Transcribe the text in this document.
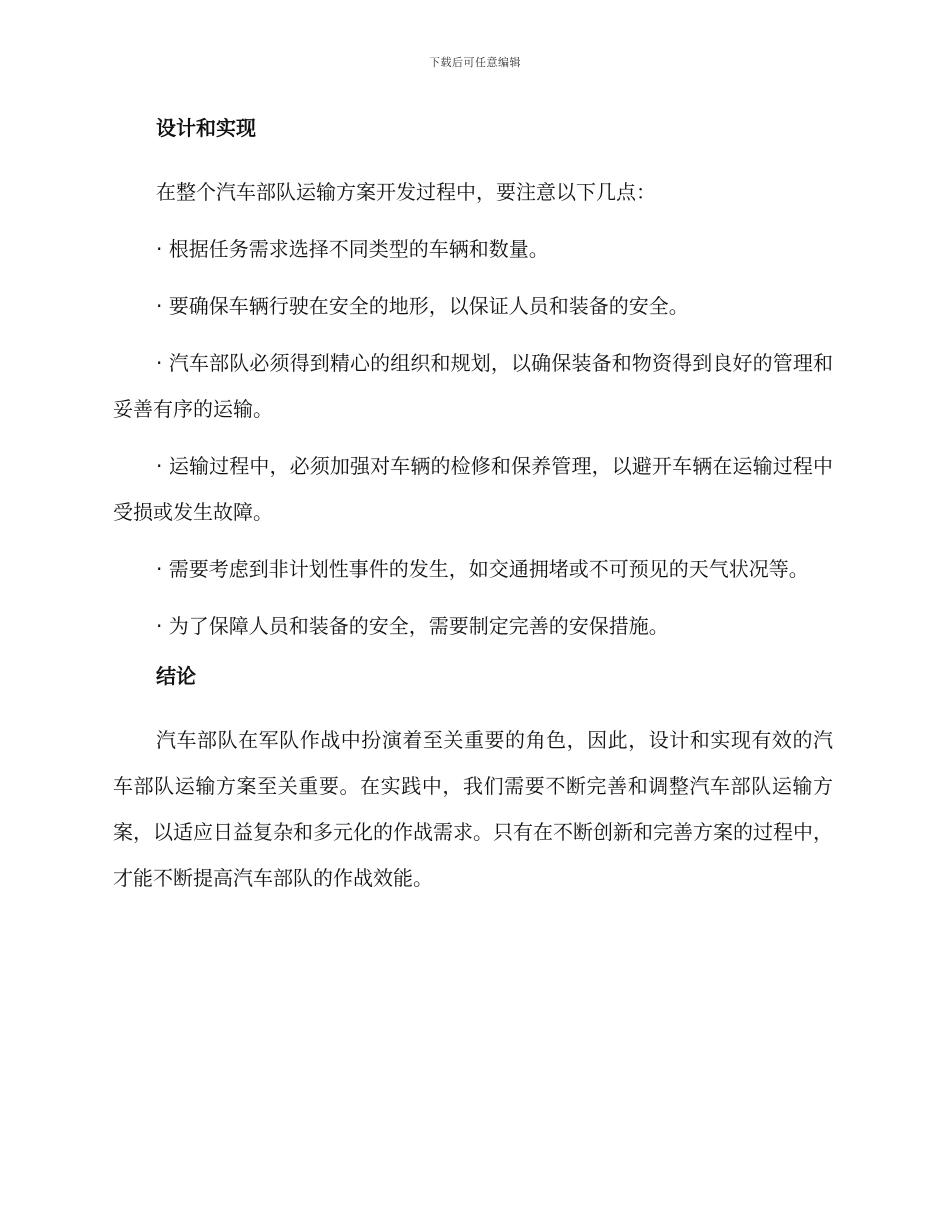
下载后可任意编辑
设计和实现

在整个汽车部队运输方案开发过程中，要注意以下几点：

· 根据任务需求选择不同类型的车辆和数量。

· 要确保车辆行驶在安全的地形，以保证人员和装备的安全。

· 汽车部队必须得到精心的组织和规划，以确保装备和物资得到良好的管理和妥善有序的运输。

· 运输过程中，必须加强对车辆的检修和保养管理，以避开车辆在运输过程中受损或发生故障。

· 需要考虑到非计划性事件的发生，如交通拥堵或不可预见的天气状况等。

· 为了保障人员和装备的安全，需要制定完善的安保措施。

结论

汽车部队在军队作战中扮演着至关重要的角色，因此，设计和实现有效的汽车部队运输方案至关重要。在实践中，我们需要不断完善和调整汽车部队运输方案，以适应日益复杂和多元化的作战需求。只有在不断创新和完善方案的过程中，才能不断提高汽车部队的作战效能。
